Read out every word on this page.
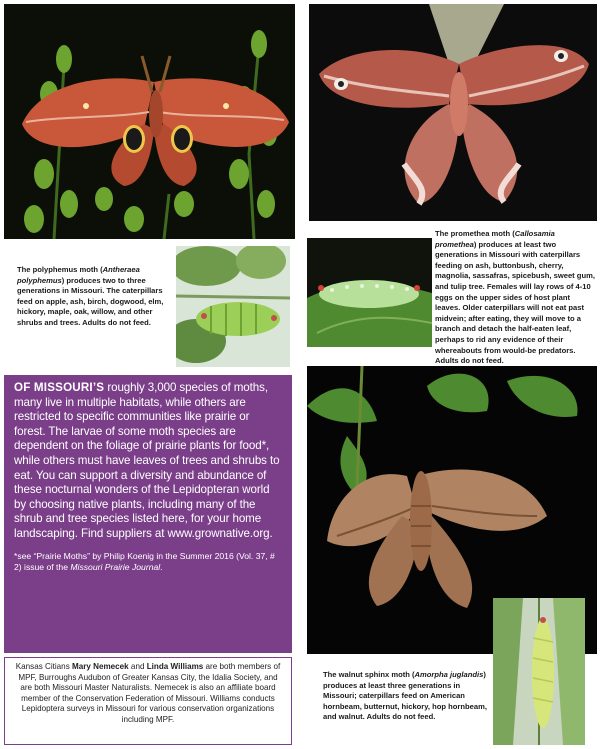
The polyphemus moth (Antheraea polyphemus) produces two to three generations in Missouri. The caterpillars feed on apple, ash, birch, dogwood, elm, hickory, maple, oak, willow, and other shrubs and trees. Adults do not feed.
The promethea moth (Callosamia promethea) produces at least two generations in Missouri with caterpillars feeding on ash, buttonbush, cherry, magnolia, sassafras, spicebush, sweet gum, and tulip tree. Females will lay rows of 4-10 eggs on the upper sides of host plant leaves. Older caterpillars will not eat past midvein; after eating, they will move to a branch and detach the half-eaten leaf, perhaps to rid any evidence of their whereabouts from would-be predators. Adults do not feed.
The walnut sphinx moth (Amorpha juglandis) produces at least three generations in Missouri; caterpillars feed on American hornbeam, butternut, hickory, hop hornbeam, and walnut. Adults do not feed.
OF MISSOURI’S roughly 3,000 species of moths, many live in multiple habitats, while others are restricted to specific communities like prairie or forest. The larvae of some moth species are dependent on the foliage of prairie plants for food*, while others must have leaves of trees and shrubs to eat. You can support a diversity and abundance of these nocturnal wonders of the Lepidopteran world by choosing native plants, including many of the shrub and tree species listed here, for your home landscaping. Find suppliers at www.grownative.org.
*see “Prairie Moths” by Philip Koenig in the Summer 2016 (Vol. 37, # 2) issue of the Missouri Prairie Journal.
Kansas Citians Mary Nemecek and Linda Williams are both members of MPF, Burroughs Audubon of Greater Kansas City, the Idalia Society, and are both Missouri Master Naturalists. Nemecek is also an affiliate board member of the Conservation Federation of Missouri. Williams conducts Lepidoptera surveys in Missouri for various conservation organizations including MPF.
